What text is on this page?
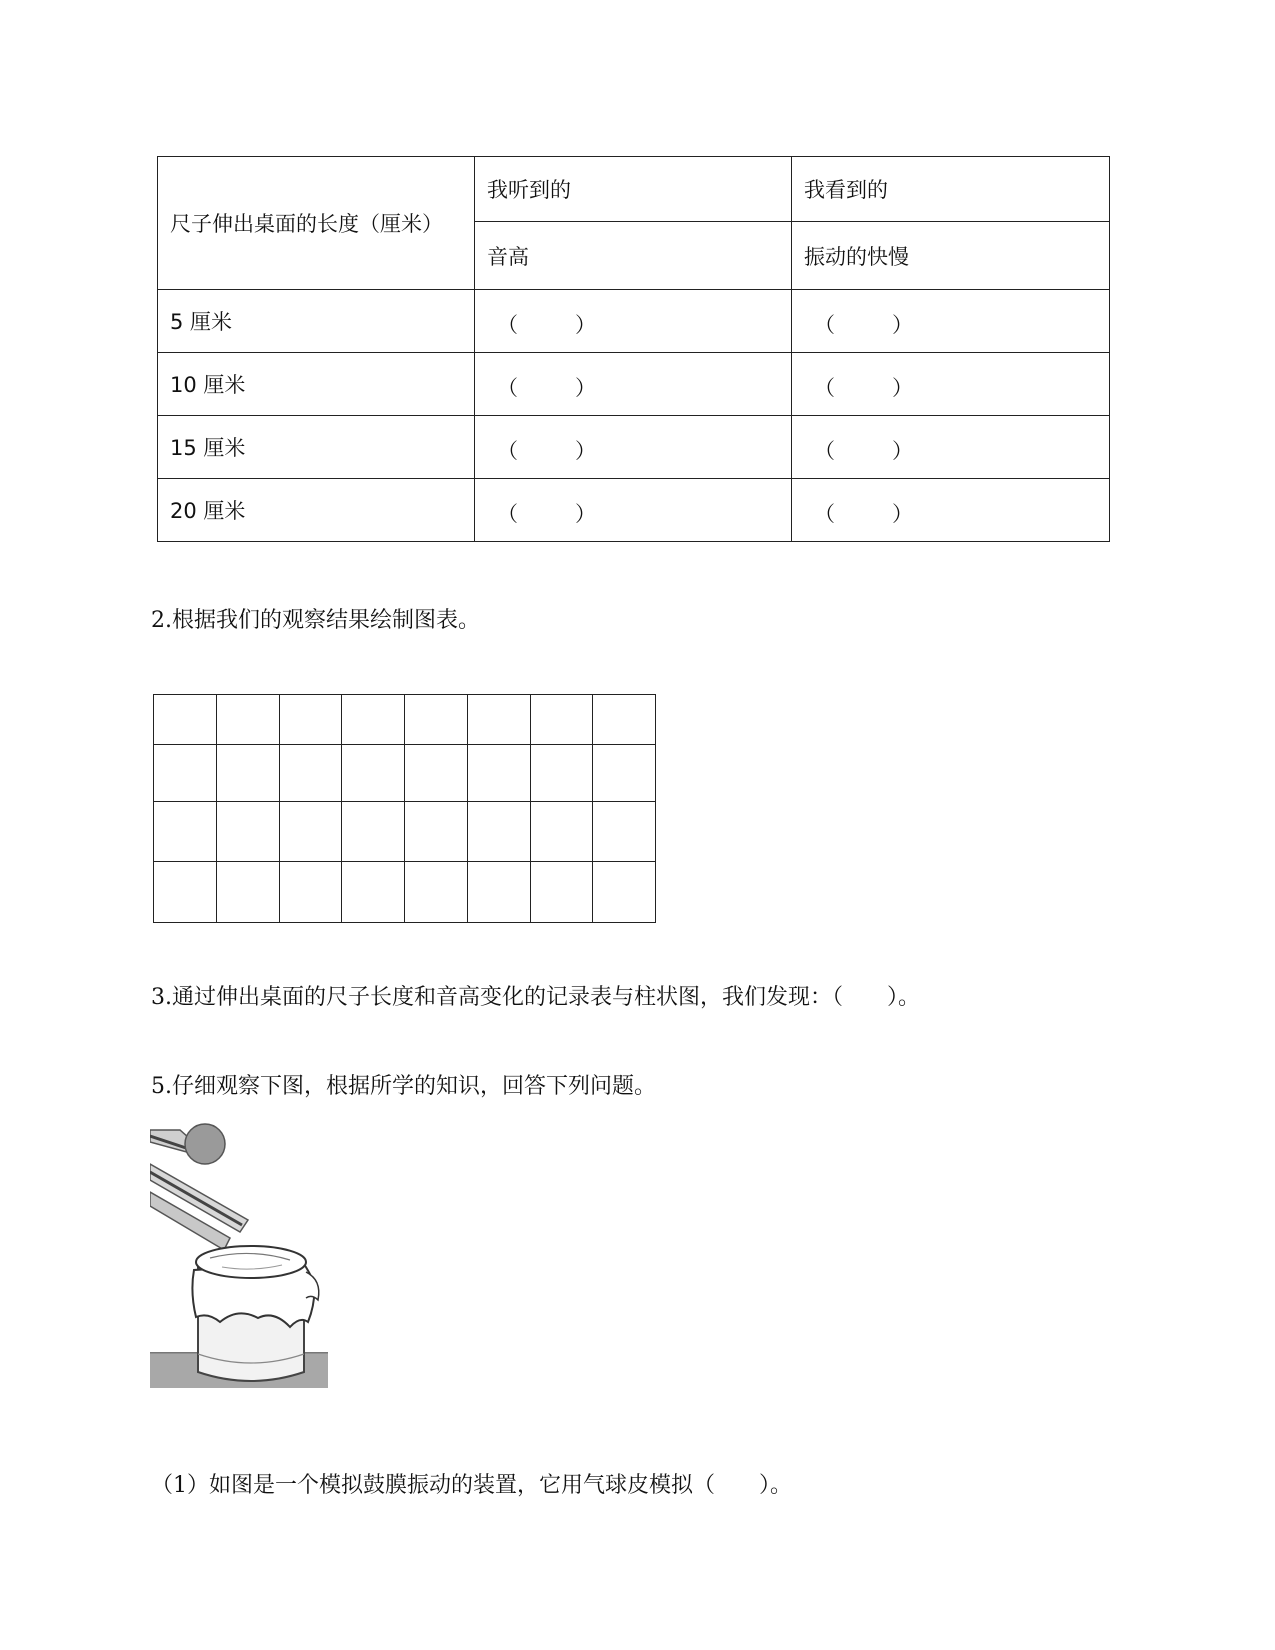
尺子伸出桌面的长度（厘米）	我听到的	我看到的
	音高	振动的快慢
5 厘米	（ ）	（ ）

10 厘米	（ ）	（ ）

15 厘米	（ ）	（ ）

20 厘米	（ ）	（ ）

2.根据我们的观察结果绘制图表。

3.通过伸出桌面的尺子长度和音高变化的记录表与柱状图，我们发现：（　　）。
5.仔细观察下图，根据所学的知识，回答下列问题。
（1）如图是一个模拟鼓膜振动的装置，它用气球皮模拟（　　）。
